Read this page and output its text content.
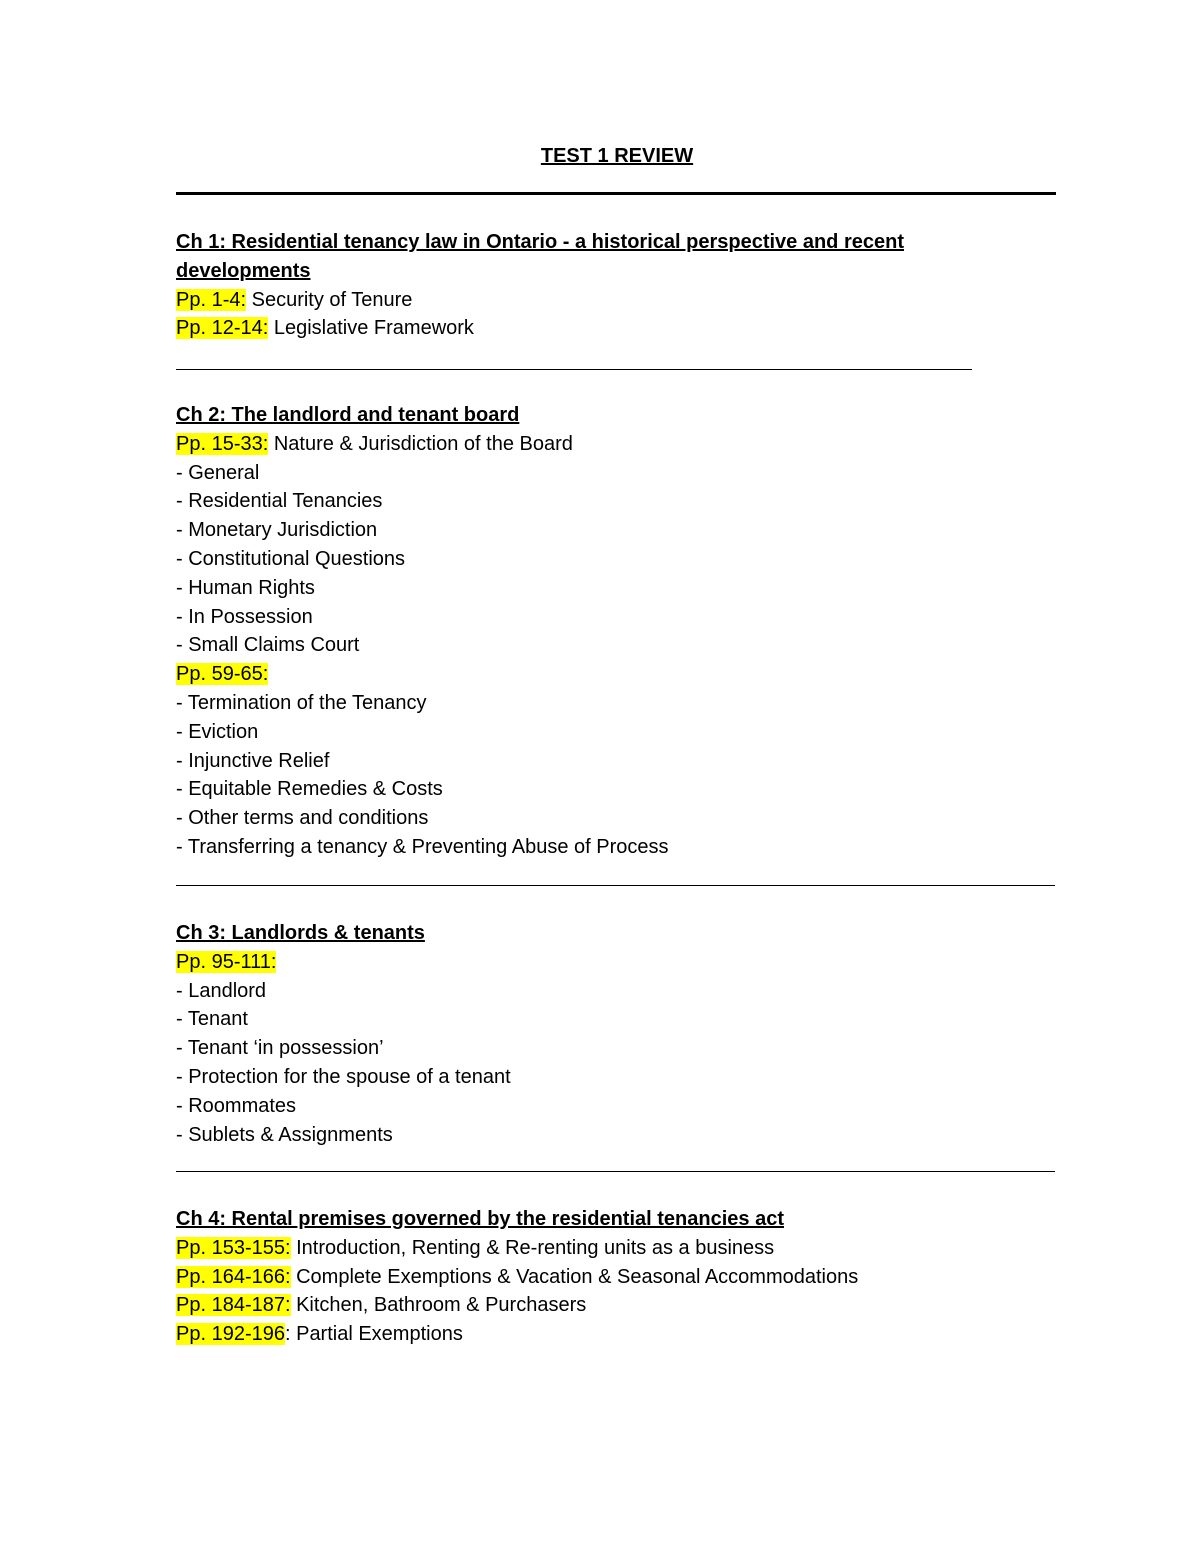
TEST 1 REVIEW
Ch 1: Residential tenancy law in Ontario - a historical perspective and recent
developments
Pp. 1-4: Security of Tenure
Pp. 12-14: Legislative Framework
Ch 2: The landlord and tenant board
Pp. 15-33: Nature & Jurisdiction of the Board
- General
- Residential Tenancies
- Monetary Jurisdiction
- Constitutional Questions
- Human Rights
- In Possession
- Small Claims Court
Pp. 59-65:
- Termination of the Tenancy
- Eviction
- Injunctive Relief
- Equitable Remedies & Costs
- Other terms and conditions
- Transferring a tenancy & Preventing Abuse of Process
Ch 3: Landlords & tenants
Pp. 95-111:
- Landlord
- Tenant
- Tenant ‘in possession’
- Protection for the spouse of a tenant
- Roommates
- Sublets & Assignments
Ch 4: Rental premises governed by the residential tenancies act
Pp. 153-155: Introduction, Renting & Re-renting units as a business
Pp. 164-166: Complete Exemptions & Vacation & Seasonal Accommodations
Pp. 184-187: Kitchen, Bathroom & Purchasers
Pp. 192-196: Partial Exemptions
